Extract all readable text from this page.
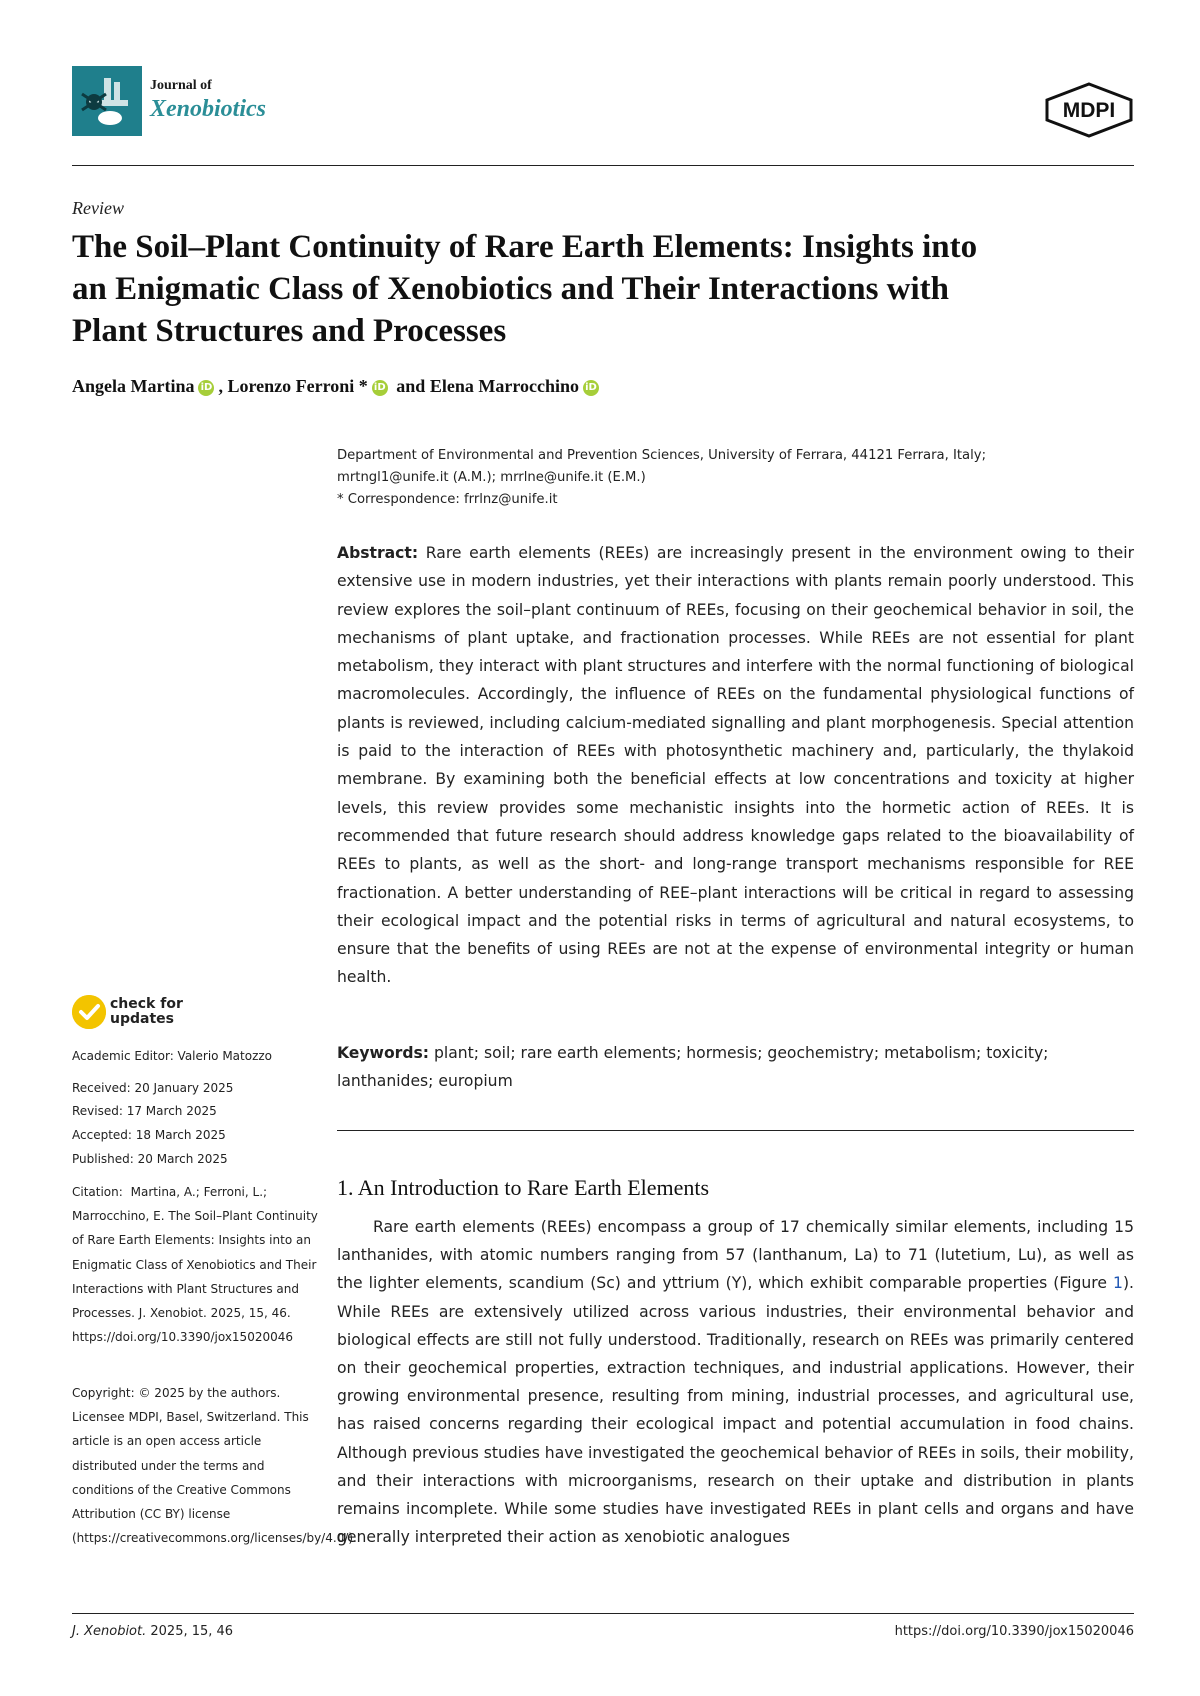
Journal of
Xenobiotics	MDPI
Review
The Soil–Plant Continuity of Rare Earth Elements: Insights into
an Enigmatic Class of Xenobiotics and Their Interactions with
Plant Structures and Processes
Angela Martina iD , Lorenzo Ferroni * iD and Elena Marrocchino iD
Department of Environmental and Prevention Sciences, University of Ferrara, 44121 Ferrara, Italy;
mrtngl1@unife.it (A.M.); mrrlne@unife.it (E.M.)
* Correspondence: frrlnz@unife.it
Abstract: Rare earth elements (REEs) are increasingly present in the environment owing to their extensive use in modern industries, yet their interactions with plants remain poorly understood. This review explores the soil–plant continuum of REEs, focusing on their geochemical behavior in soil, the mechanisms of plant uptake, and fractionation processes. While REEs are not essential for plant metabolism, they interact with plant structures and interfere with the normal functioning of biological macromolecules. Accordingly, the influence of REEs on the fundamental physiological functions of plants is reviewed, including calcium-mediated signalling and plant morphogenesis. Special attention is paid to the interaction of REEs with photosynthetic machinery and, particularly, the thylakoid membrane. By examining both the beneficial effects at low concentrations and toxicity at higher levels, this review provides some mechanistic insights into the hormetic action of REEs. It is recommended that future research should address knowledge gaps related to the bioavailability of REEs to plants, as well as the short- and long-range transport mechanisms responsible for REE fractionation. A better understanding of REE–plant interactions will be critical in regard to assessing their ecological impact and the potential risks in terms of agricultural and natural ecosystems, to ensure that the benefits of using REEs are not at the expense of environmental integrity or human health.
Keywords: plant; soil; rare earth elements; hormesis; geochemistry; metabolism; toxicity; lanthanides; europium
1. An Introduction to Rare Earth Elements
Rare earth elements (REEs) encompass a group of 17 chemically similar elements, including 15 lanthanides, with atomic numbers ranging from 57 (lanthanum, La) to 71 (lutetium, Lu), as well as the lighter elements, scandium (Sc) and yttrium (Y), which exhibit comparable properties (Figure 1). While REEs are extensively utilized across various industries, their environmental behavior and biological effects are still not fully understood. Traditionally, research on REEs was primarily centered on their geochemical properties, extraction techniques, and industrial applications. However, their growing environmental presence, resulting from mining, industrial processes, and agricultural use, has raised concerns regarding their ecological impact and potential accumulation in food chains. Although previous studies have investigated the geochemical behavior of REEs in soils, their mobility, and their interactions with microorganisms, research on their uptake and distribution in plants remains incomplete. While some studies have investigated REEs in plant cells and organs and have generally interpreted their action as xenobiotic analogues
check for
updates
Academic Editor: Valerio Matozzo
Received: 20 January 2025
Revised: 17 March 2025
Accepted: 18 March 2025
Published: 20 March 2025
Citation: Martina, A.; Ferroni, L.; Marrocchino, E. The Soil–Plant Continuity of Rare Earth Elements: Insights into an Enigmatic Class of Xenobiotics and Their Interactions with Plant Structures and Processes. J. Xenobiot. 2025, 15, 46. https://doi.org/10.3390/jox15020046
Copyright: © 2025 by the authors. Licensee MDPI, Basel, Switzerland. This article is an open access article distributed under the terms and conditions of the Creative Commons Attribution (CC BY) license (https://creativecommons.org/licenses/by/4.0/).
J. Xenobiot. 2025, 15, 46	https://doi.org/10.3390/jox15020046
